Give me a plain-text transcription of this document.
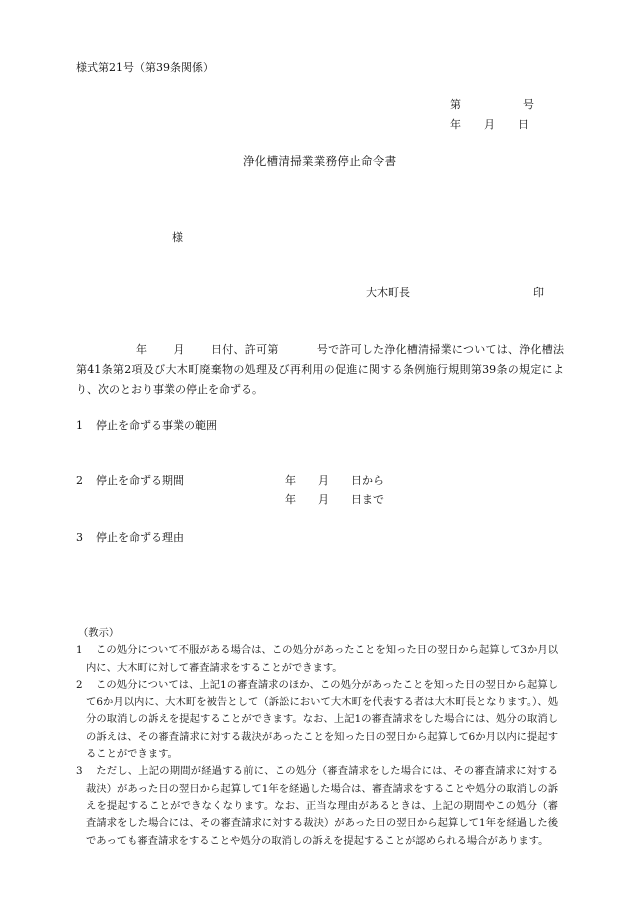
様式第21号（第39条関係）
第	号
年 月 日
浄化槽清掃業業務停止命令書
様
大木町長	印
年 月 日付、許可第	号で許可した浄化槽清掃業については、浄化槽法第41条第2項及び大木町廃棄物の処理及び再利用の促進に関する条例施行規則第39条の規定により、次のとおり事業の停止を命ずる。
1 停止を命ずる事業の範囲
2 停止を命ずる期間	年 月 日から
年 月 日まで
3 停止を命ずる理由
（教示）
1 この処分について不服がある場合は、この処分があったことを知った日の翌日から起算して3か月以内に、大木町に対して審査請求をすることができます。
2 この処分については、上記1の審査請求のほか、この処分があったことを知った日の翌日から起算して6か月以内に、大木町を被告として（訴訟において大木町を代表する者は大木町長となります。）、処分の取消しの訴えを提起することができます。なお、上記1の審査請求をした場合には、処分の取消しの訴えは、その審査請求に対する裁決があったことを知った日の翌日から起算して6か月以内に提起することができます。
3 ただし、上記の期間が経過する前に、この処分（審査請求をした場合には、その審査請求に対する裁決）があった日の翌日から起算して1年を経過した場合は、審査請求をすることや処分の取消しの訴えを提起することができなくなります。なお、正当な理由があるときは、上記の期間やこの処分（審査請求をした場合には、その審査請求に対する裁決）があった日の翌日から起算して1年を経過した後であっても審査請求をすることや処分の取消しの訴えを提起することが認められる場合があります。
